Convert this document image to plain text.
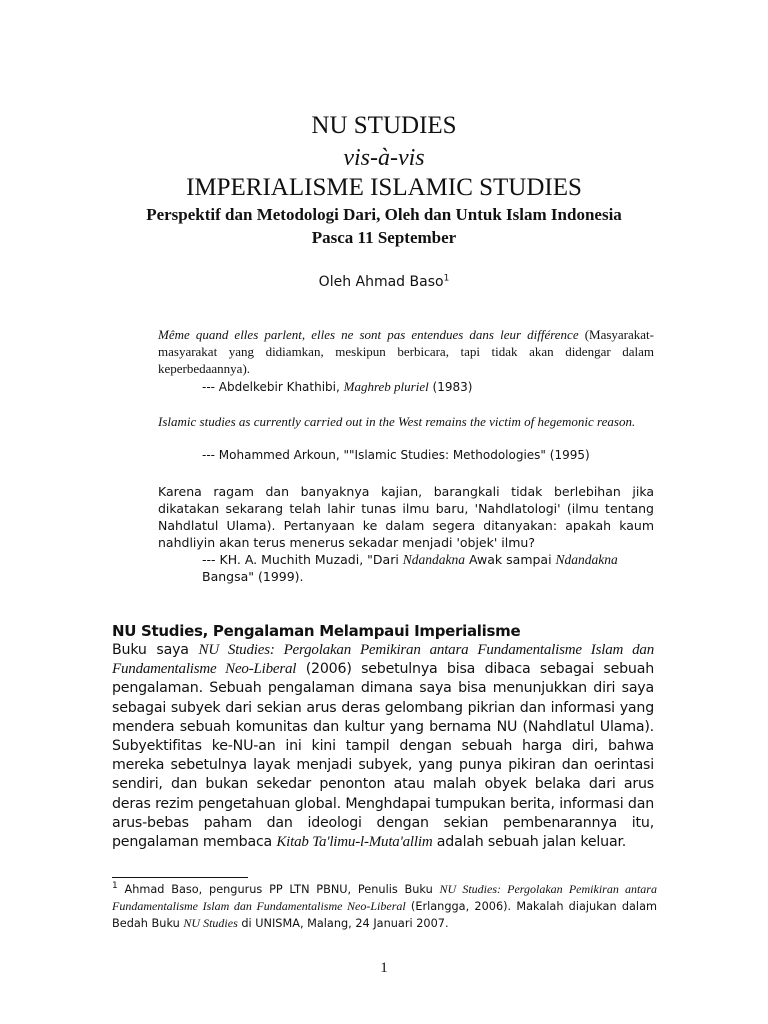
NU STUDIES
vis-à-vis
IMPERIALISME ISLAMIC STUDIES
Perspektif dan Metodologi Dari, Oleh dan Untuk Islam Indonesia
Pasca 11 September
Oleh Ahmad Baso$^1$
Même quand elles parlent, elles ne sont pas entendues dans leur différence (Masyarakat-masyarakat yang didiamkan, meskipun berbicara, tapi tidak akan didengar dalam keperbedaannya).
--- Abdelkebir Khathibi, Maghreb pluriel (1983)
Islamic studies as currently carried out in the West remains the victim of hegemonic reason.
--- Mohammed Arkoun, ""Islamic Studies: Methodologies" (1995)
Karena ragam dan banyaknya kajian, barangkali tidak berlebihan jika dikatakan sekarang telah lahir tunas ilmu baru, 'Nahdlatologi' (ilmu tentang Nahdlatul Ulama). Pertanyaan ke dalam segera ditanyakan: apakah kaum nahdliyin akan terus menerus sekadar menjadi 'objek' ilmu?
--- KH. A. Muchith Muzadi, "Dari Ndandakna Awak sampai Ndandakna Bangsa" (1999).
NU Studies, Pengalaman Melampaui Imperialisme

Buku saya NU Studies: Pergolakan Pemikiran antara Fundamentalisme Islam dan Fundamentalisme Neo-Liberal (2006) sebetulnya bisa dibaca sebagai sebuah pengalaman. Sebuah pengalaman dimana saya bisa menunjukkan diri saya sebagai subyek dari sekian arus deras gelombang pikrian dan informasi yang mendera sebuah komunitas dan kultur yang bernama NU (Nahdlatul Ulama). Subyektifitas ke-NU-an ini kini tampil dengan sebuah harga diri, bahwa mereka sebetulnya layak menjadi subyek, yang punya pikiran dan oerintasi sendiri, dan bukan sekedar penonton atau malah obyek belaka dari arus deras rezim pengetahuan global. Menghdapai tumpukan berita, informasi dan arus-bebas paham dan ideologi dengan sekian pembenarannya itu, pengalaman membaca Kitab Ta'limu-l-Muta'allim adalah sebuah jalan keluar.

$^1$ Ahmad Baso, pengurus PP LTN PBNU, Penulis Buku NU Studies: Pergolakan Pemikiran antara Fundamentalisme Islam dan Fundamentalisme Neo-Liberal (Erlangga, 2006). Makalah diajukan dalam Bedah Buku NU Studies di UNISMA, Malang, 24 Januari 2007.
1
